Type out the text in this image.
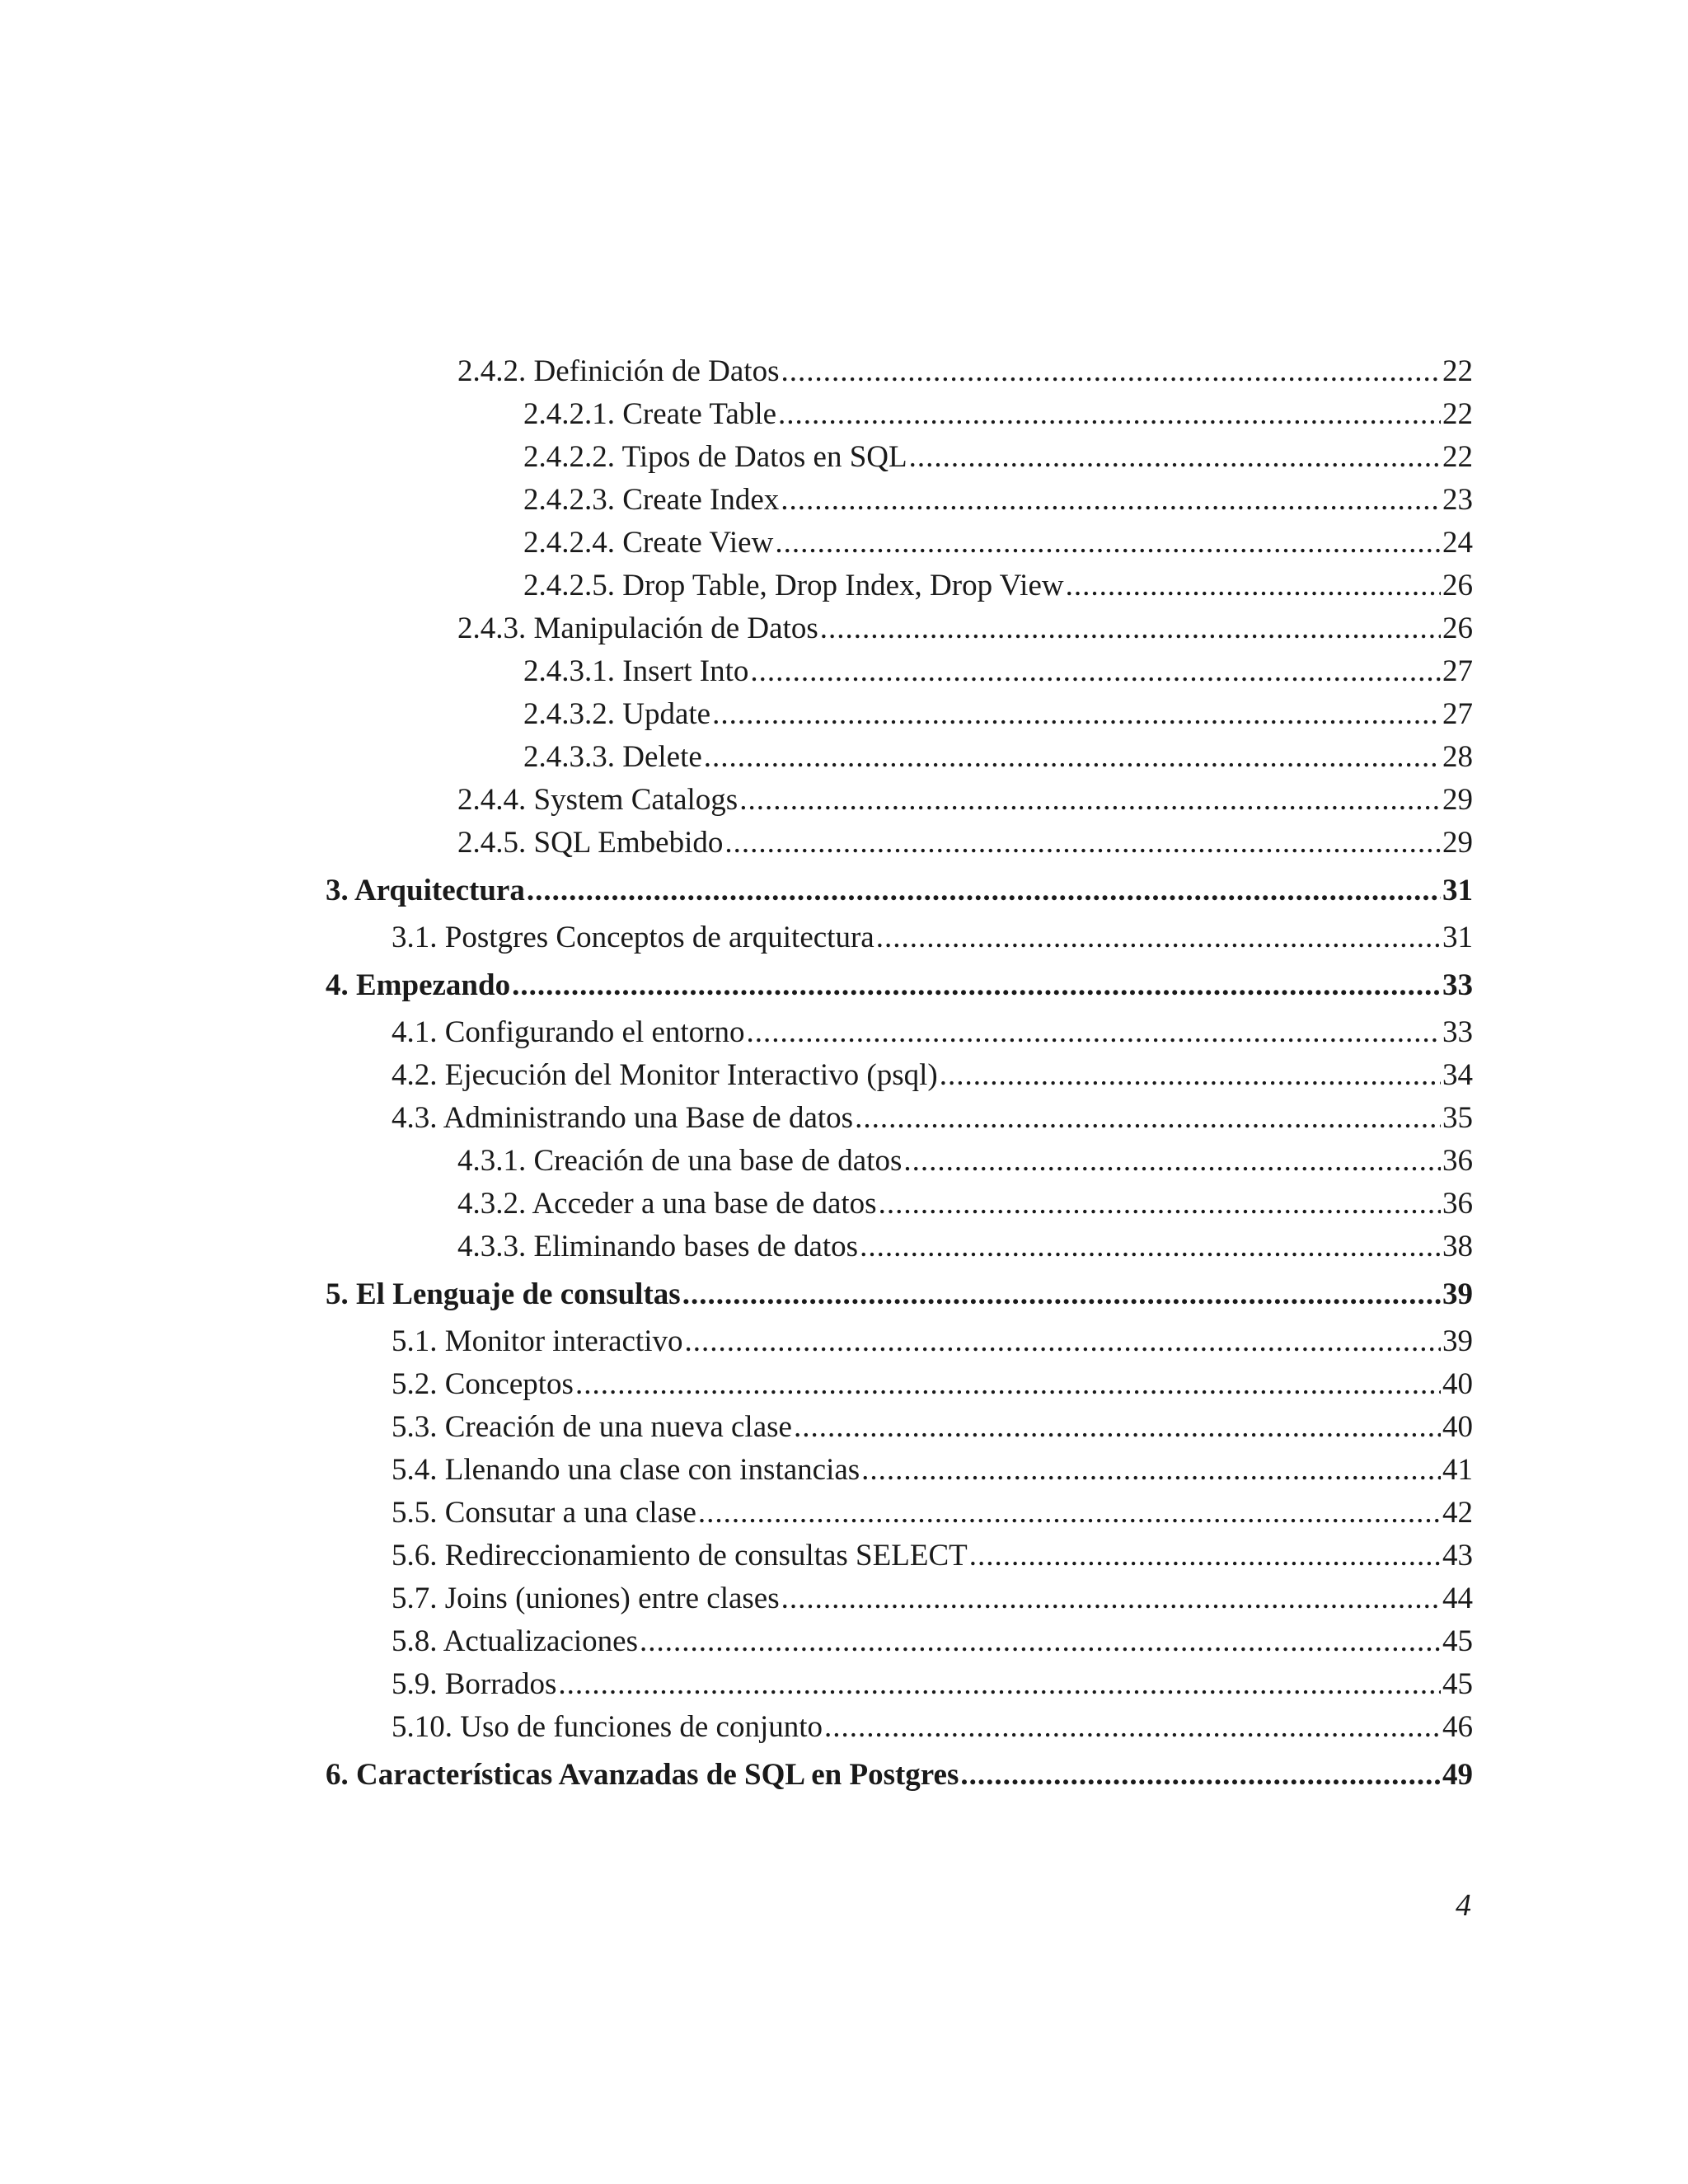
2.4.2. Definición de Datos .....	22
2.4.2.1. Create Table .....	22
2.4.2.2. Tipos de Datos en SQL .....	22
2.4.2.3. Create Index .....	23
2.4.2.4. Create View .....	24
2.4.2.5. Drop Table, Drop Index, Drop View .....	26
2.4.3. Manipulación de Datos .....	26
2.4.3.1. Insert Into .....	27
2.4.3.2. Update .....	27
2.4.3.3. Delete .....	28
2.4.4. System Catalogs .....	29
2.4.5. SQL Embebido .....	29
3. Arquitectura .....	31
3.1. Postgres Conceptos de arquitectura .....	31
4. Empezando .....	33
4.1. Configurando el entorno .....	33
4.2. Ejecución del Monitor Interactivo (psql) .....	34
4.3. Administrando una Base de datos .....	35
4.3.1. Creación de una base de datos .....	36
4.3.2. Acceder a una base de datos .....	36
4.3.3. Eliminando bases de datos .....	38
5. El Lenguaje de consultas .....	39
5.1. Monitor interactivo .....	39
5.2. Conceptos .....	40
5.3. Creación de una nueva clase .....	40
5.4. Llenando una clase con instancias .....	41
5.5. Consutar a una clase .....	42
5.6. Redireccionamiento de consultas SELECT .....	43
5.7. Joins (uniones) entre clases .....	44
5.8. Actualizaciones .....	45
5.9. Borrados .....	45
5.10. Uso de funciones de conjunto .....	46
6. Características Avanzadas de SQL en Postgres .....	49
4
